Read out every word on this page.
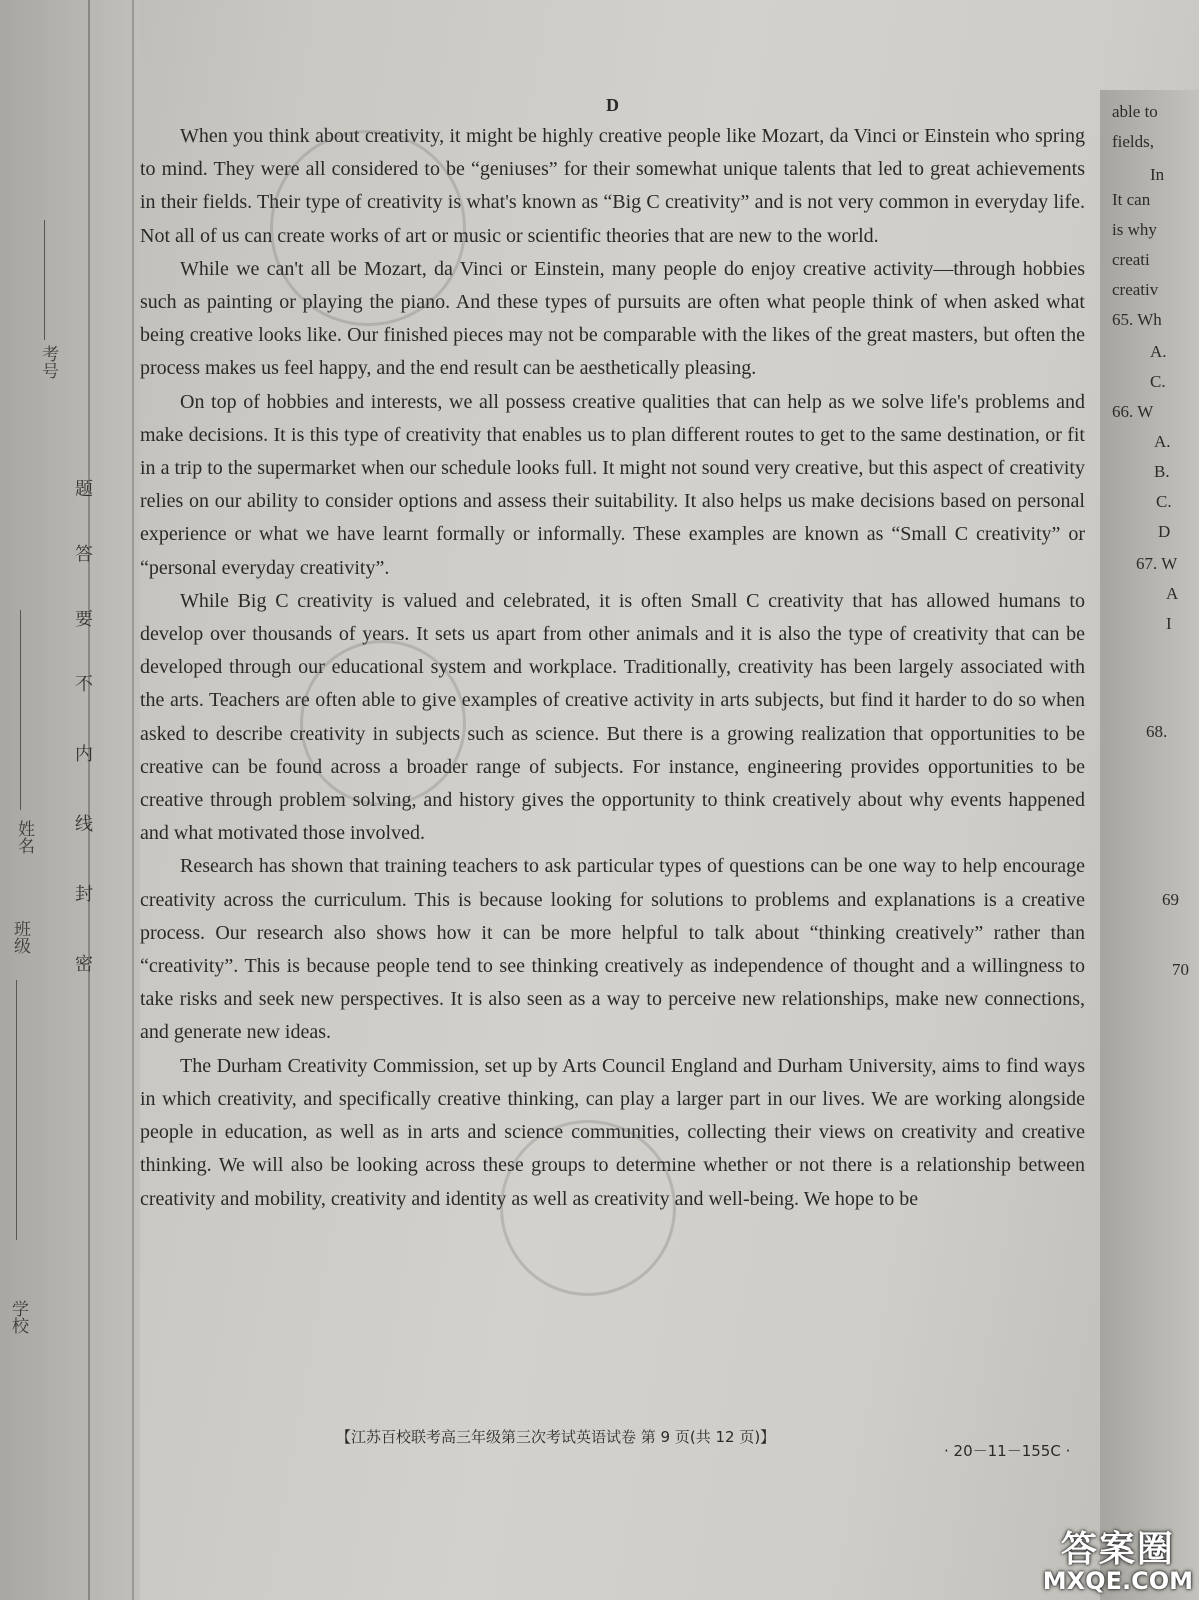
考号
姓名
班级
学校
题
答
要
不
内
线
封
密
able to
fields,
In
It can
is why
creati
creativ
65. Wh
A.
C.
66. W
A.
B.
C.
D
67. W
A
I
68.
69
70
D

When you think about creativity, it might be highly creative people like Mozart, da Vinci or Einstein who spring to mind. They were all considered to be “geniuses” for their somewhat unique talents that led to great achievements in their fields. Their type of creativity is what's known as “Big C creativity” and is not very common in everyday life. Not all of us can create works of art or music or scientific theories that are new to the world.

While we can't all be Mozart, da Vinci or Einstein, many people do enjoy creative activity—through hobbies such as painting or playing the piano. And these types of pursuits are often what people think of when asked what being creative looks like. Our finished pieces may not be comparable with the likes of the great masters, but often the process makes us feel happy, and the end result can be aesthetically pleasing.

On top of hobbies and interests, we all possess creative qualities that can help as we solve life's problems and make decisions. It is this type of creativity that enables us to plan different routes to get to the same destination, or fit in a trip to the supermarket when our schedule looks full. It might not sound very creative, but this aspect of creativity relies on our ability to consider options and assess their suitability. It also helps us make decisions based on personal experience or what we have learnt formally or informally. These examples are known as “Small C creativity” or “personal everyday creativity”.

While Big C creativity is valued and celebrated, it is often Small C creativity that has allowed humans to develop over thousands of years. It sets us apart from other animals and it is also the type of creativity that can be developed through our educational system and workplace. Traditionally, creativity has been largely associated with the arts. Teachers are often able to give examples of creative activity in arts subjects, but find it harder to do so when asked to describe creativity in subjects such as science. But there is a growing realization that opportunities to be creative can be found across a broader range of subjects. For instance, engineering provides opportunities to be creative through problem solving, and history gives the opportunity to think creatively about why events happened and what motivated those involved.

Research has shown that training teachers to ask particular types of questions can be one way to help encourage creativity across the curriculum. This is because looking for solutions to problems and explanations is a creative process. Our research also shows how it can be more helpful to talk about “thinking creatively” rather than “creativity”. This is because people tend to see thinking creatively as independence of thought and a willingness to take risks and seek new perspectives. It is also seen as a way to perceive new relationships, make new connections, and generate new ideas.

The Durham Creativity Commission, set up by Arts Council England and Durham University, aims to find ways in which creativity, and specifically creative thinking, can play a larger part in our lives. We are working alongside people in education, as well as in arts and science communities, collecting their views on creativity and creative thinking. We will also be looking across these groups to determine whether or not there is a relationship between creativity and mobility, creativity and identity as well as creativity and well-being. We hope to be

【江苏百校联考高三年级第三次考试英语试卷 第 9 页(共 12 页)】
· 20－11－155C ·
答案圈
MXQE.COM
